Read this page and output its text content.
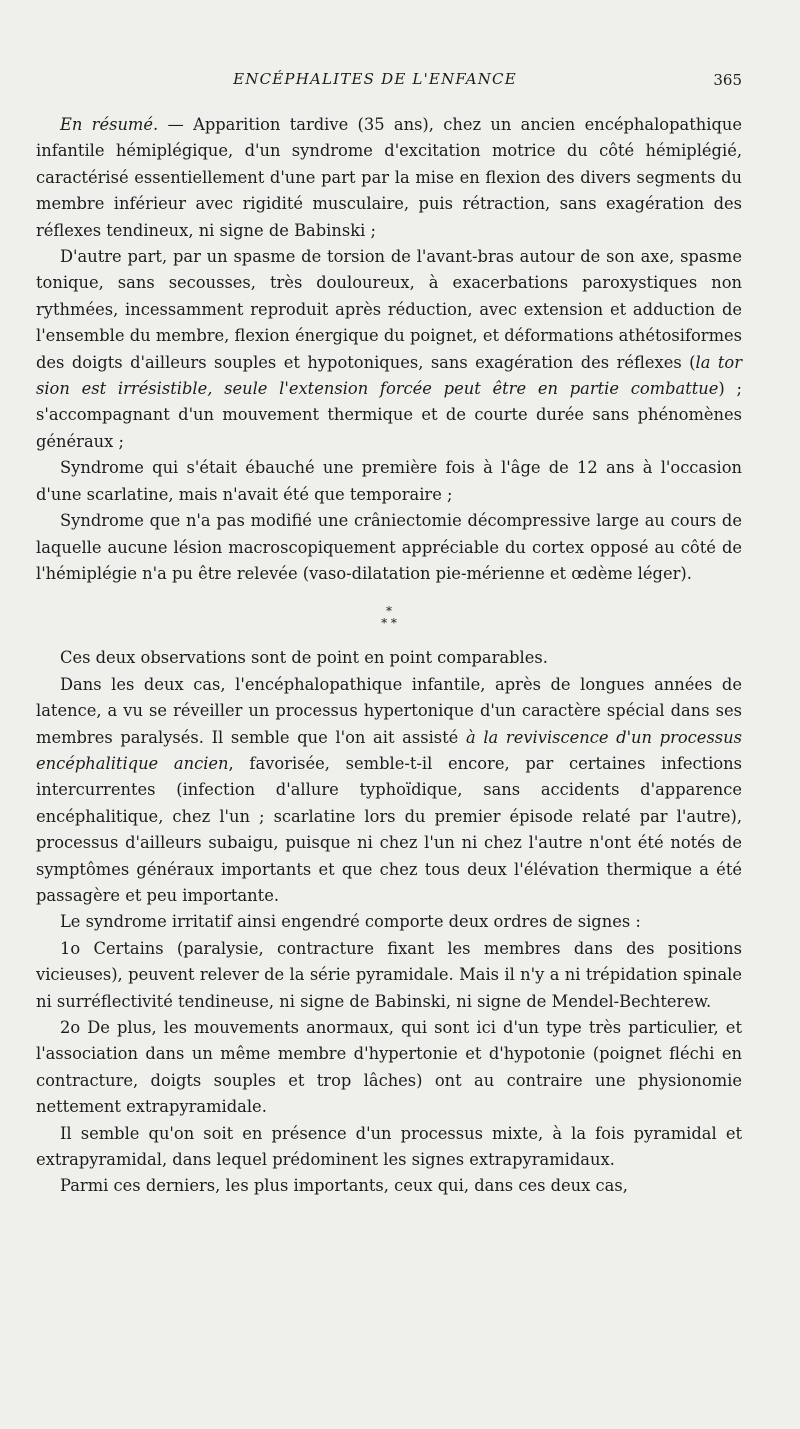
ENCÉPHALITES DE L'ENFANCE	365

En résumé. — Apparition tardive (35 ans), chez un ancien encéphalopathique infantile hémiplégique, d'un syndrome d'excitation motrice du côté hémiplégié, caractérisé essentiellement d'une part par la mise en flexion des divers segments du membre inférieur avec rigidité musculaire, puis rétraction, sans exagération des réflexes tendineux, ni signe de Babinski ;

D'autre part, par un spasme de torsion de l'avant-bras autour de son axe, spasme tonique, sans secousses, très douloureux, à exacerbations paroxystiques non rythmées, incessamment reproduit après réduction, avec extension et adduction de l'ensemble du membre, flexion énergique du poignet, et déformations athétosiformes des doigts d'ailleurs souples et hypotoniques, sans exagération des réflexes (la tor sion est irrésistible, seule l'extension forcée peut être en partie combattue) ; s'accompagnant d'un mouvement thermique et de courte durée sans phénomènes généraux ;

Syndrome qui s'était ébauché une première fois à l'âge de 12 ans à l'occasion d'une scarlatine, mais n'avait été que temporaire ;

Syndrome que n'a pas modifié une crâniectomie décompressive large au cours de laquelle aucune lésion macroscopiquement appréciable du cortex opposé au côté de l'hémiplégie n'a pu être relevée (vaso-dilatation pie-mérienne et œdème léger).

*
* *

Ces deux observations sont de point en point comparables.

Dans les deux cas, l'encéphalopathique infantile, après de longues années de latence, a vu se réveiller un processus hypertonique d'un caractère spécial dans ses membres paralysés. Il semble que l'on ait assisté à la reviviscence d'un processus encéphalitique ancien, favorisée, semble-t-il encore, par certaines infections intercurrentes (infection d'allure typhoïdique, sans accidents d'apparence encéphalitique, chez l'un ; scarlatine lors du premier épisode relaté par l'autre), processus d'ailleurs subaigu, puisque ni chez l'un ni chez l'autre n'ont été notés de symptômes généraux importants et que chez tous deux l'élévation thermique a été passagère et peu importante.

Le syndrome irritatif ainsi engendré comporte deux ordres de signes :

1o Certains (paralysie, contracture fixant les membres dans des positions vicieuses), peuvent relever de la série pyramidale. Mais il n'y a ni trépidation spinale ni surréflectivité tendineuse, ni signe de Babinski, ni signe de Mendel-Bechterew.

2o De plus, les mouvements anormaux, qui sont ici d'un type très particulier, et l'association dans un même membre d'hypertonie et d'hypotonie (poignet fléchi en contracture, doigts souples et trop lâches) ont au contraire une physionomie nettement extrapyramidale.

Il semble qu'on soit en présence d'un processus mixte, à la fois pyramidal et extrapyramidal, dans lequel prédominent les signes extrapyramidaux.

Parmi ces derniers, les plus importants, ceux qui, dans ces deux cas,
